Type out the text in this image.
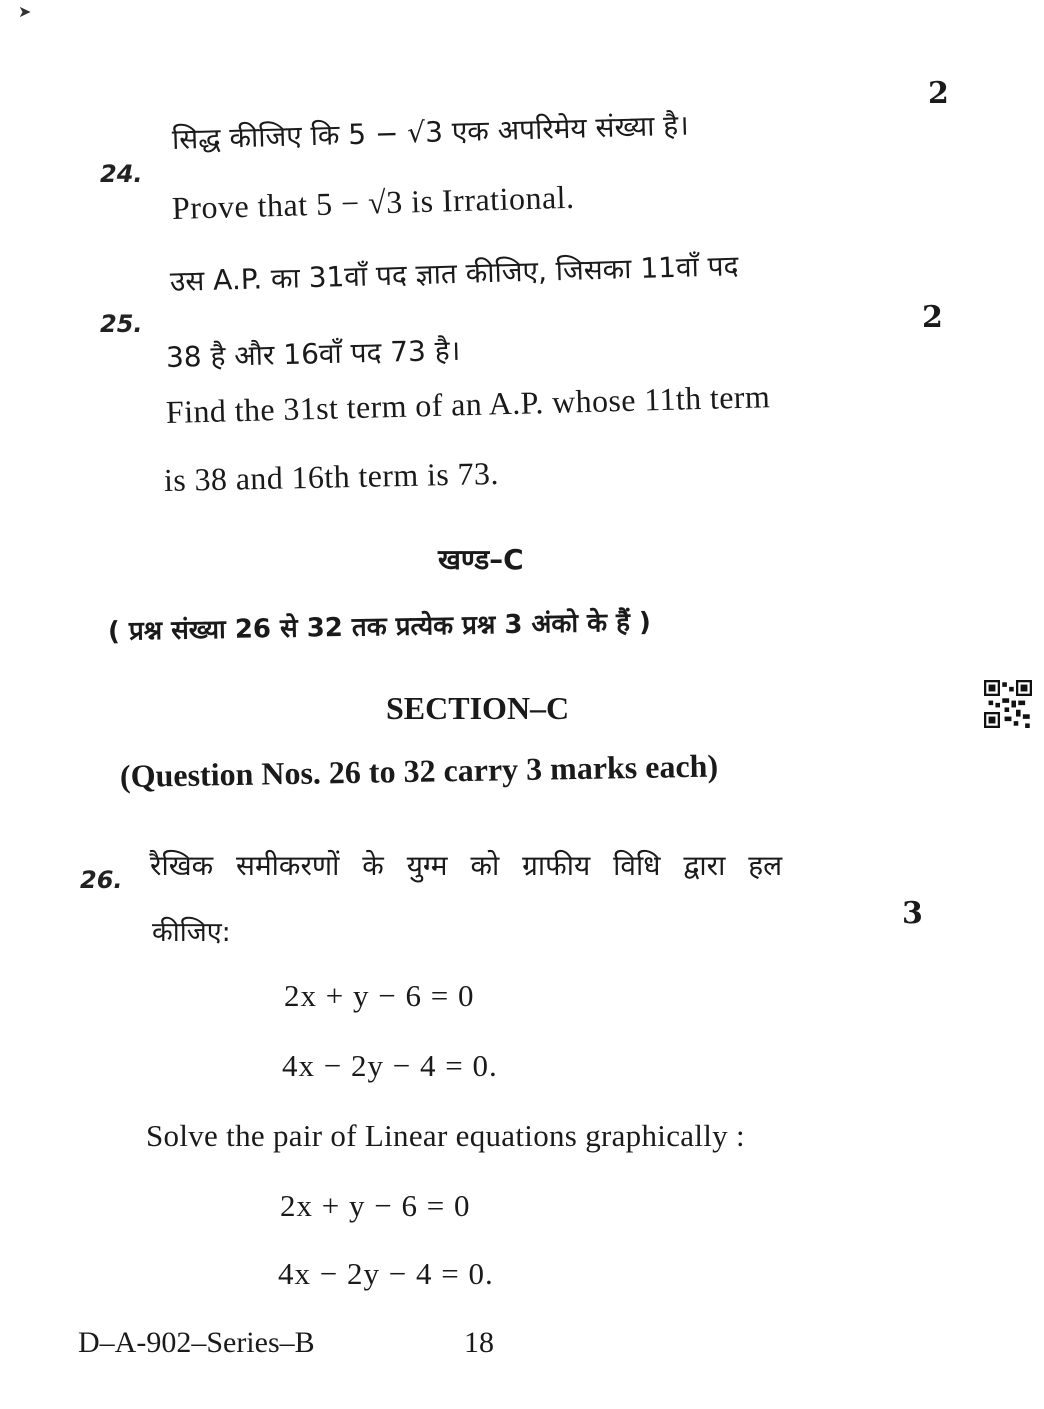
➤
24.
सिद्ध कीजिए कि 5 − √3 एक अपरिमेय संख्या है।
2
Prove that 5 − √3 is Irrational.
25.
उस A.P. का 31वाँ पद ज्ञात कीजिए, जिसका 11वाँ पद
2
38 है और 16वाँ पद 73 है।
Find the 31st term of an A.P. whose 11th term
is 38 and 16th term is 73.
खण्ड–C
( प्रश्न संख्या 26 से 32 तक प्रत्येक प्रश्न 3 अंको के हैं )
SECTION–C
(Question Nos. 26 to 32 carry 3 marks each)
26. रैखिक समीकरणों के युग्म को ग्राफीय विधि द्वारा हल
कीजिए:
3
2x + y − 6 = 0
4x − 2y − 4 = 0.
Solve the pair of Linear equations graphically :
2x + y − 6 = 0
4x − 2y − 4 = 0.
D–A-902–Series–B	18
